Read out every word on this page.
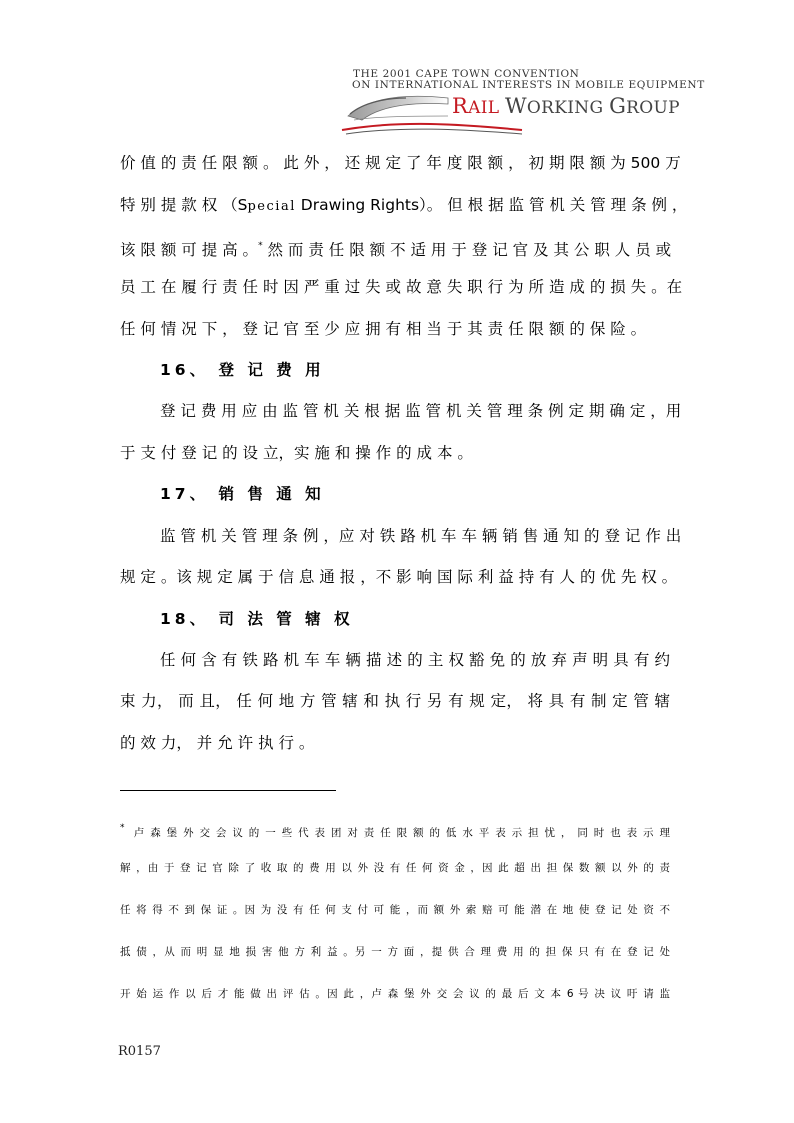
THE 2001 CAPE TOWN CONVENTION
ON INTERNATIONAL INTERESTS IN MOBILE EQUIPMENT
RAIL WORKING GROUP
价 值 的 责 任 限 额 。 此 外 ， 还 规 定 了 年 度 限 额 ， 初 期 限 额 为 500 万
特 别 提 款 权 （Special Drawing Rights）。 但 根 据 监 管 机 关 管 理 条 例 ，
该 限 额 可 提 高 。* 然 而 责 任 限 额 不 适 用 于 登 记 官 及 其 公 职 人 员 或
员 工 在 履 行 责 任 时 因 严 重 过 失 或 故 意 失 职 行 为 所 造 成 的 损 失 。在
任 何 情 况 下 ， 登 记 官 至 少 应 拥 有 相 当 于 其 责 任 限 额 的 保 险 。
16、 登 记 费 用
登 记 费 用 应 由 监 管 机 关 根 据 监 管 机 关 管 理 条 例 定 期 确 定 ，用
于 支 付 登 记 的 设 立，实 施 和 操 作 的 成 本 。
17、 销 售 通 知
监 管 机 关 管 理 条 例 ，应 对 铁 路 机 车 车 辆 销 售 通 知 的 登 记 作 出
规 定 。该 规 定 属 于 信 息 通 报 ，不 影 响 国 际 利 益 持 有 人 的 优 先 权 。
18、 司 法 管 辖 权
任 何 含 有 铁 路 机 车 车 辆 描 述 的 主 权 豁 免 的 放 弃 声 明 具 有 约
束 力， 而 且， 任 何 地 方 管 辖 和 执 行 另 有 规 定， 将 具 有 制 定 管 辖
的 效 力， 并 允 许 执 行 。
* 卢 森 堡 外 交 会 议 的 一 些 代 表 团 对 责 任 限 额 的 低 水 平 表 示 担 忧 ， 同 时 也 表 示 理
解 ，由 于 登 记 官 除 了 收 取 的 费 用 以 外 没 有 任 何 资 金 ，因 此 超 出 担 保 数 额 以 外 的 责
任 将 得 不 到 保 证 。因 为 没 有 任 何 支 付 可 能 ，而 额 外 索 赔 可 能 潜 在 地 使 登 记 处 资 不
抵 债 ，从 而 明 显 地 损 害 他 方 利 益 。另 一 方 面 ，提 供 合 理 费 用 的 担 保 只 有 在 登 记 处
开 始 运 作 以 后 才 能 做 出 评 估 。因 此 ，卢 森 堡 外 交 会 议 的 最 后 文 本 6 号 决 议 吁 请 监
R0157
